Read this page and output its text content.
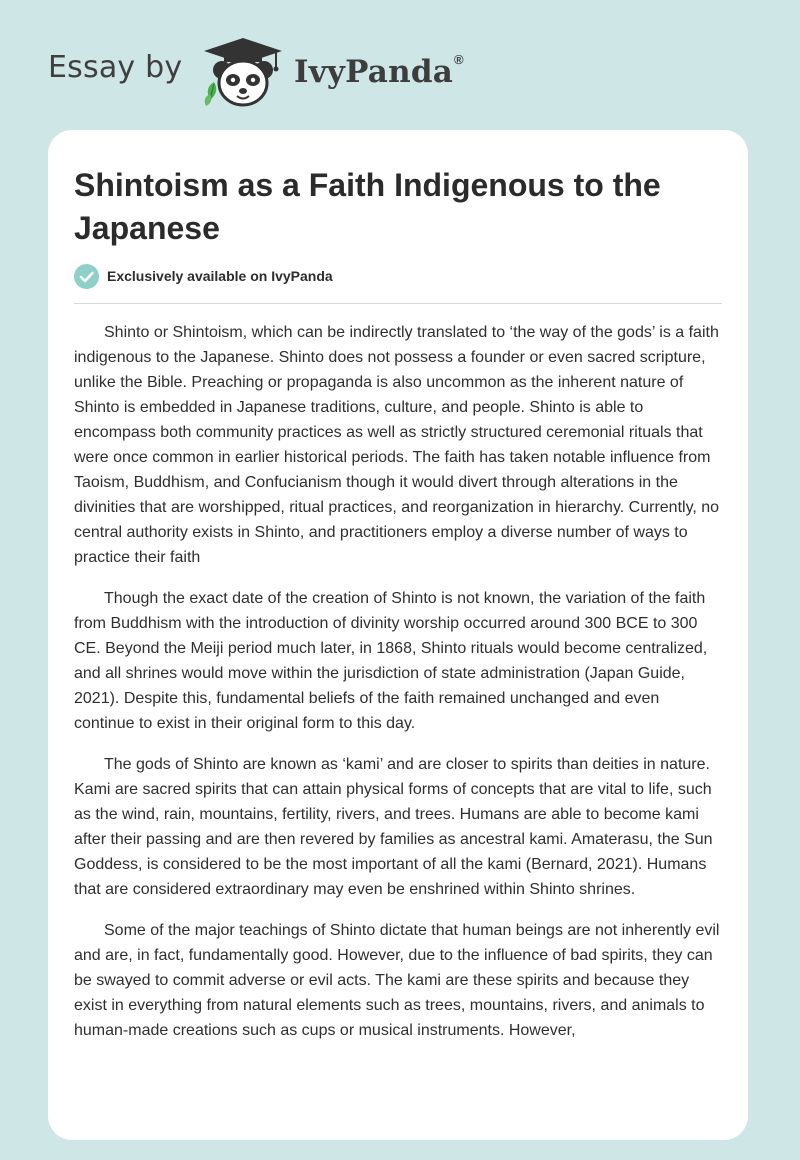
Essay by	IvyPanda®
Shintoism as a Faith Indigenous to the Japanese
Exclusively available on IvyPanda

Shinto or Shintoism, which can be indirectly translated to ‘the way of the gods’ is a faith indigenous to the Japanese. Shinto does not possess a founder or even sacred scripture, unlike the Bible. Preaching or propaganda is also uncommon as the inherent nature of Shinto is embedded in Japanese traditions, culture, and people. Shinto is able to encompass both community practices as well as strictly structured ceremonial rituals that were once common in earlier historical periods. The faith has taken notable influence from Taoism, Buddhism, and Confucianism though it would divert through alterations in the divinities that are worshipped, ritual practices, and reorganization in hierarchy. Currently, no central authority exists in Shinto, and practitioners employ a diverse number of ways to practice their faith

Though the exact date of the creation of Shinto is not known, the variation of the faith from Buddhism with the introduction of divinity worship occurred around 300 BCE to 300 CE. Beyond the Meiji period much later, in 1868, Shinto rituals would become centralized, and all shrines would move within the jurisdiction of state administration (Japan Guide, 2021). Despite this, fundamental beliefs of the faith remained unchanged and even continue to exist in their original form to this day.

The gods of Shinto are known as ‘kami’ and are closer to spirits than deities in nature. Kami are sacred spirits that can attain physical forms of concepts that are vital to life, such as the wind, rain, mountains, fertility, rivers, and trees. Humans are able to become kami after their passing and are then revered by families as ancestral kami. Amaterasu, the Sun Goddess, is considered to be the most important of all the kami (Bernard, 2021). Humans that are considered extraordinary may even be enshrined within Shinto shrines.

Some of the major teachings of Shinto dictate that human beings are not inherently evil and are, in fact, fundamentally good. However, due to the influence of bad spirits, they can be swayed to commit adverse or evil acts. The kami are these spirits and because they exist in everything from natural elements such as trees, mountains, rivers, and animals to human-made creations such as cups or musical instruments. However,
